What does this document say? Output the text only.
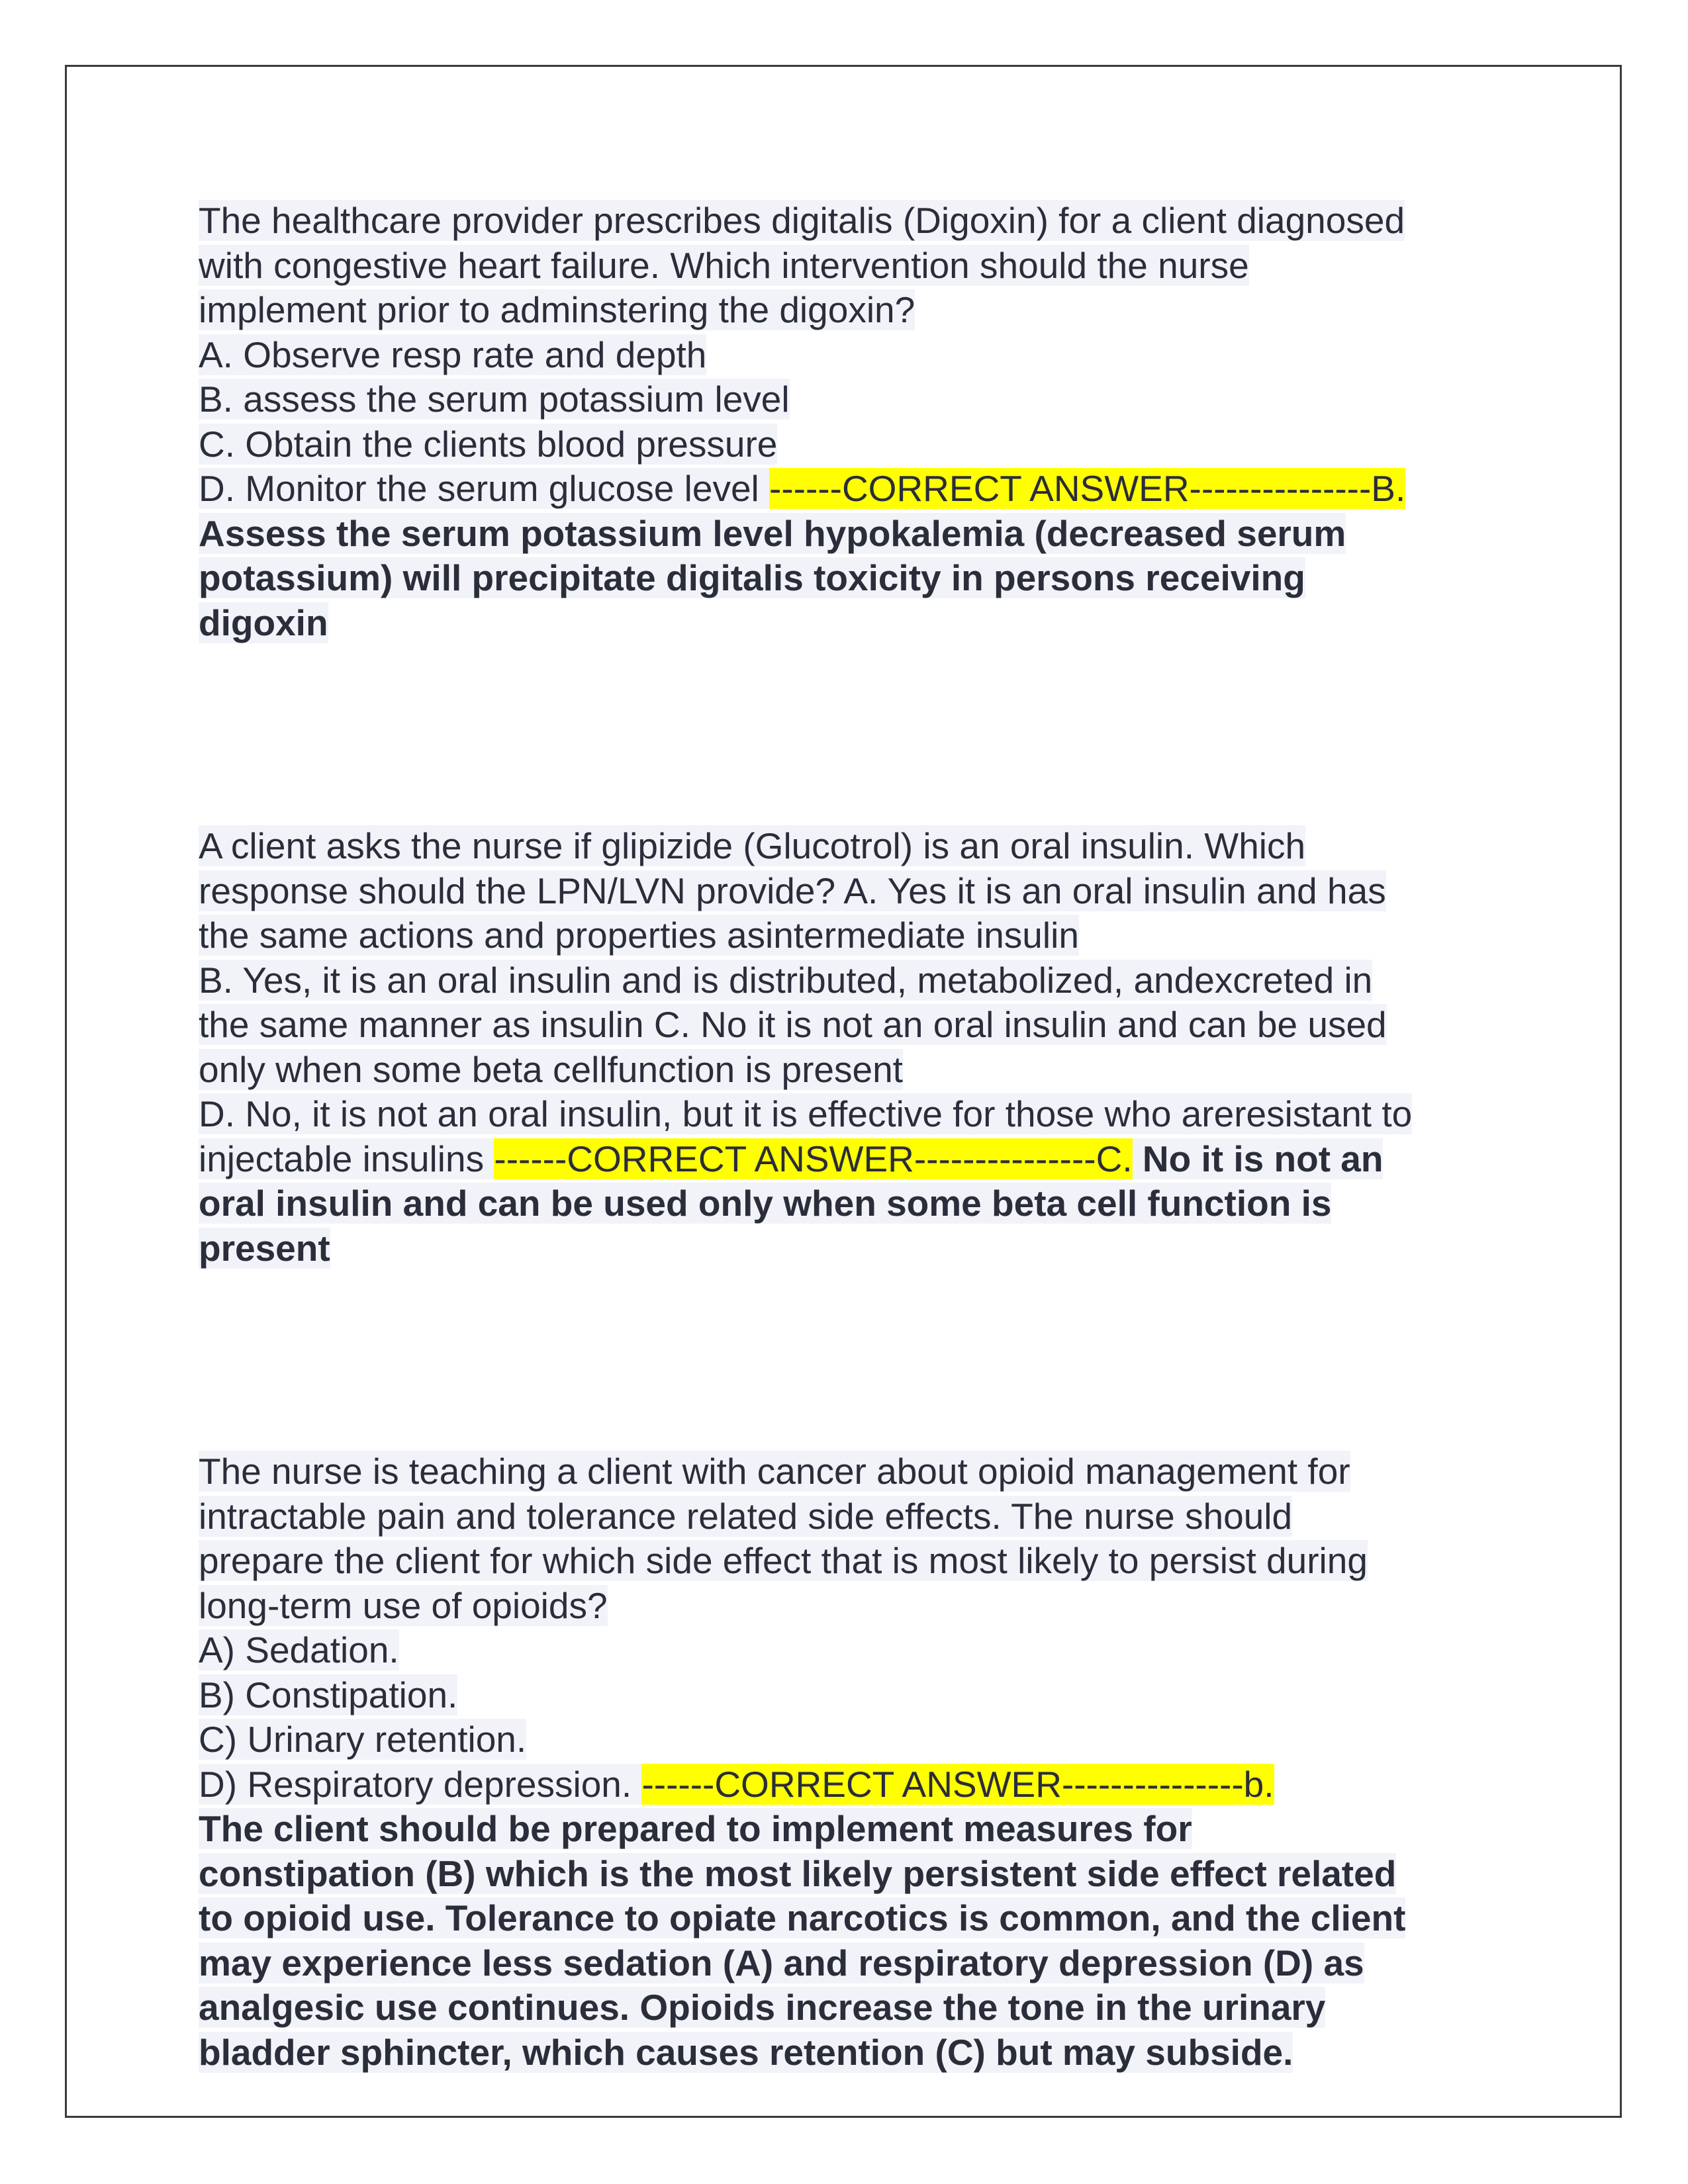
The healthcare provider prescribes digitalis (Digoxin) for a client diagnosed
with congestive heart failure. Which intervention should the nurse
implement prior to adminstering the digoxin?
A. Observe resp rate and depth
B. assess the serum potassium level
C. Obtain the clients blood pressure
D. Monitor the serum glucose level ------CORRECT ANSWER---------------B.
Assess the serum potassium level hypokalemia (decreased serum
potassium) will precipitate digitalis toxicity in persons receiving
digoxin
A client asks the nurse if glipizide (Glucotrol) is an oral insulin. Which
response should the LPN/LVN provide? A. Yes it is an oral insulin and has
the same actions and properties asintermediate insulin
B. Yes, it is an oral insulin and is distributed, metabolized, andexcreted in
the same manner as insulin C. No it is not an oral insulin and can be used
only when some beta cellfunction is present
D. No, it is not an oral insulin, but it is effective for those who areresistant to
injectable insulins ------CORRECT ANSWER---------------C. No it is not an
oral insulin and can be used only when some beta cell function is
present
The nurse is teaching a client with cancer about opioid management for
intractable pain and tolerance related side effects. The nurse should
prepare the client for which side effect that is most likely to persist during
long-term use of opioids?
A) Sedation.
B) Constipation.
C) Urinary retention.
D) Respiratory depression. ------CORRECT ANSWER---------------b.
The client should be prepared to implement measures for
constipation (B) which is the most likely persistent side effect related
to opioid use. Tolerance to opiate narcotics is common, and the client
may experience less sedation (A) and respiratory depression (D) as
analgesic use continues. Opioids increase the tone in the urinary
bladder sphincter, which causes retention (C) but may subside.
